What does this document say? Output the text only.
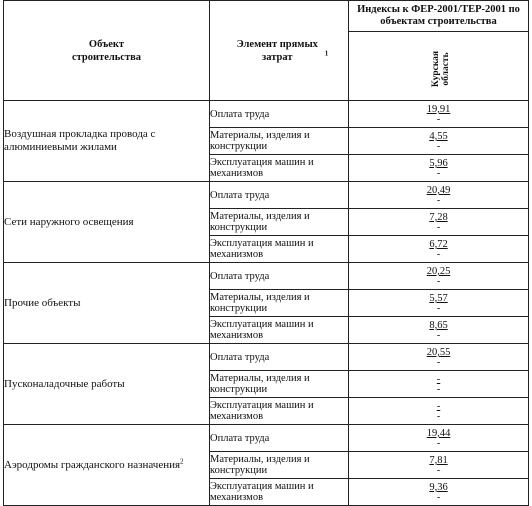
Объект строительства	Элемент прямых затрат $^1$	Индексы к ФЕР-2001/ТЕР-2001 по объектам строительства

		Курская область

Воздушная прокладка провода с алюминиевыми жилами	Оплата труда	19,91
-

	Материалы, изделия и конструкции	4,55
-

	Эксплуатация машин и механизмов	5,96
-

Сети наружного освещения	Оплата труда	20,49
-

	Материалы, изделия и конструкции	7,28
-

	Эксплуатация машин и механизмов	6,72
-

Прочие объекты	Оплата труда	20,25
-

	Материалы, изделия и конструкции	5,57
-

	Эксплуатация машин и механизмов	8,65
-

Пусконаладочные работы	Оплата труда	20,55
-

	Материалы, изделия и конструкции	-
-

	Эксплуатация машин и механизмов	-
-

Аэродромы гражданского назначения$^2$	Оплата труда	19,44
-

	Материалы, изделия и конструкции	7,81
-

	Эксплуатация машин и механизмов	9,36
-
